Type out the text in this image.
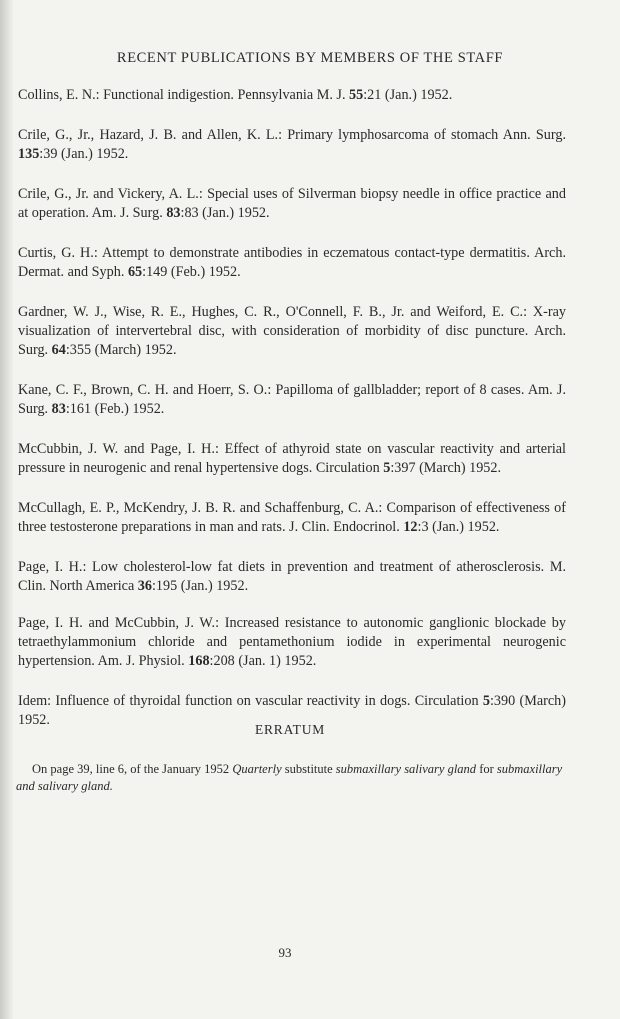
RECENT PUBLICATIONS BY MEMBERS OF THE STAFF

Collins, E. N.: Functional indigestion. Pennsylvania M. J. 55:21 (Jan.) 1952.

Crile, G., Jr., Hazard, J. B. and Allen, K. L.: Primary lymphosarcoma of stomach Ann. Surg. 135:39 (Jan.) 1952.

Crile, G., Jr. and Vickery, A. L.: Special uses of Silverman biopsy needle in office practice and at operation. Am. J. Surg. 83:83 (Jan.) 1952.

Curtis, G. H.: Attempt to demonstrate antibodies in eczematous contact-type dermatitis. Arch. Dermat. and Syph. 65:149 (Feb.) 1952.

Gardner, W. J., Wise, R. E., Hughes, C. R., O'Connell, F. B., Jr. and Weiford, E. C.: X-ray visualization of intervertebral disc, with consideration of morbidity of disc puncture. Arch. Surg. 64:355 (March) 1952.

Kane, C. F., Brown, C. H. and Hoerr, S. O.: Papilloma of gallbladder; report of 8 cases. Am. J. Surg. 83:161 (Feb.) 1952.

McCubbin, J. W. and Page, I. H.: Effect of athyroid state on vascular reactivity and arterial pressure in neurogenic and renal hypertensive dogs. Circulation 5:397 (March) 1952.

McCullagh, E. P., McKendry, J. B. R. and Schaffenburg, C. A.: Comparison of effectiveness of three testosterone preparations in man and rats. J. Clin. Endocrinol. 12:3 (Jan.) 1952.

Page, I. H.: Low cholesterol-low fat diets in prevention and treatment of atherosclerosis. M. Clin. North America 36:195 (Jan.) 1952.

Page, I. H. and McCubbin, J. W.: Increased resistance to autonomic ganglionic blockade by tetraethylammonium chloride and pentamethonium iodide in experimental neurogenic hypertension. Am. J. Physiol. 168:208 (Jan. 1) 1952.

Idem: Influence of thyroidal function on vascular reactivity in dogs. Circulation 5:390 (March) 1952.

ERRATUM

On page 39, line 6, of the January 1952 Quarterly substitute submaxillary salivary gland for submaxillary and salivary gland.

93
